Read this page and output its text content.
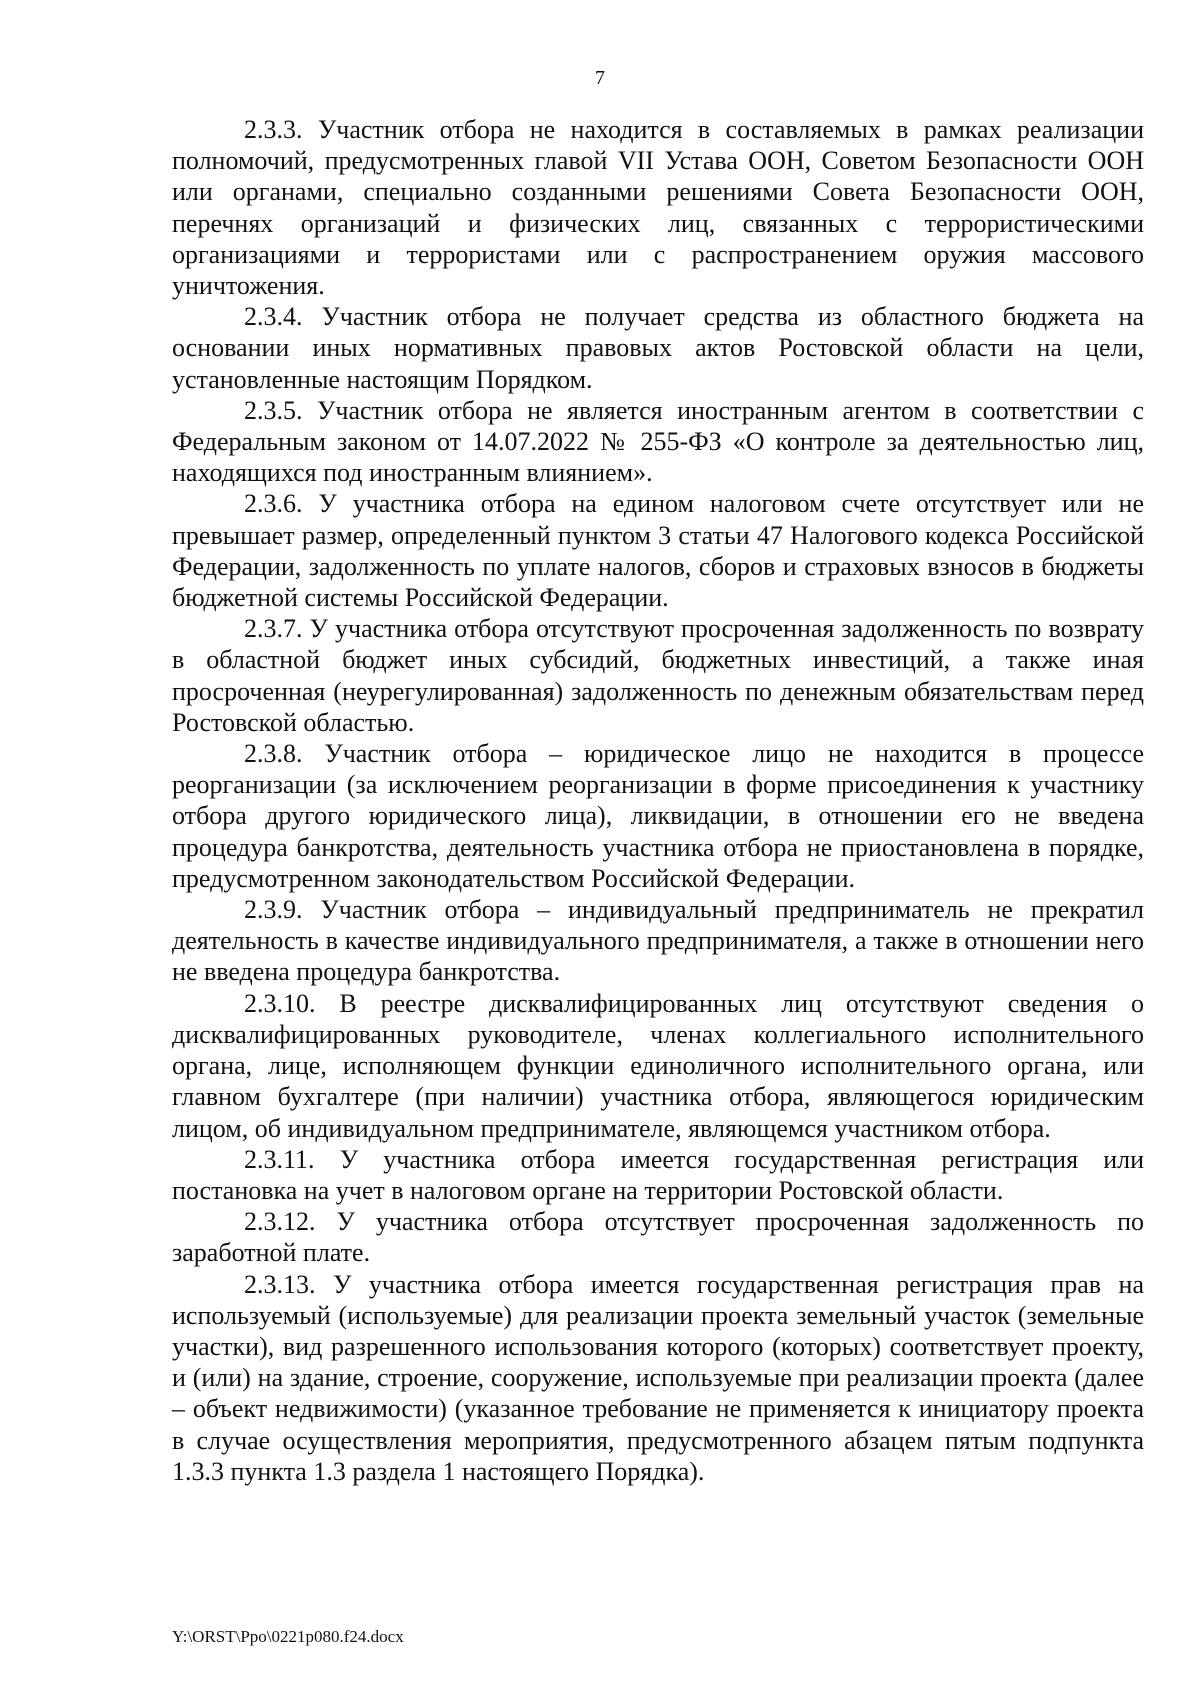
7

2.3.3. Участник отбора не находится в составляемых в рамках реализации полномочий, предусмотренных главой VII Устава ООН, Советом Безопасности ООН или органами, специально созданными решениями Совета Безопасности ООН, перечнях организаций и физических лиц, связанных с террористическими организациями и террористами или с распространением оружия массового уничтожения.

2.3.4. Участник отбора не получает средства из областного бюджета на основании иных нормативных правовых актов Ростовской области на цели, установленные настоящим Порядком.

2.3.5. Участник отбора не является иностранным агентом в соответствии с Федеральным законом от 14.07.2022 № 255-ФЗ «О контроле за деятельностью лиц, находящихся под иностранным влиянием».

2.3.6. У участника отбора на едином налоговом счете отсутствует или не превышает размер, определенный пунктом 3 статьи 47 Налогового кодекса Российской Федерации, задолженность по уплате налогов, сборов и страховых взносов в бюджеты бюджетной системы Российской Федерации.

2.3.7. У участника отбора отсутствуют просроченная задолженность по возврату в областной бюджет иных субсидий, бюджетных инвестиций, а также иная просроченная (неурегулированная) задолженность по денежным обязательствам перед Ростовской областью.

2.3.8. Участник отбора – юридическое лицо не находится в процессе реорганизации (за исключением реорганизации в форме присоединения к участнику отбора другого юридического лица), ликвидации, в отношении его не введена процедура банкротства, деятельность участника отбора не приостановлена в порядке, предусмотренном законодательством Российской Федерации.

2.3.9. Участник отбора – индивидуальный предприниматель не прекратил деятельность в качестве индивидуального предпринимателя, а также в отношении него не введена процедура банкротства.

2.3.10. В реестре дисквалифицированных лиц отсутствуют сведения о дисквалифицированных руководителе, членах коллегиального исполнительного органа, лице, исполняющем функции единоличного исполнительного органа, или главном бухгалтере (при наличии) участника отбора, являющегося юридическим лицом, об индивидуальном предпринимателе, являющемся участником отбора.

2.3.11. У участника отбора имеется государственная регистрация или постановка на учет в налоговом органе на территории Ростовской области.

2.3.12. У участника отбора отсутствует просроченная задолженность по заработной плате.

2.3.13. У участника отбора имеется государственная регистрация прав на используемый (используемые) для реализации проекта земельный участок (земельные участки), вид разрешенного использования которого (которых) соответствует проекту, и (или) на здание, строение, сооружение, используемые при реализации проекта (далее – объект недвижимости) (указанное требование не применяется к инициатору проекта в случае осуществления мероприятия, предусмотренного абзацем пятым подпункта 1.3.3 пункта 1.3 раздела 1 настоящего Порядка).

Y:\ORST\Ppo\0221p080.f24.docx
